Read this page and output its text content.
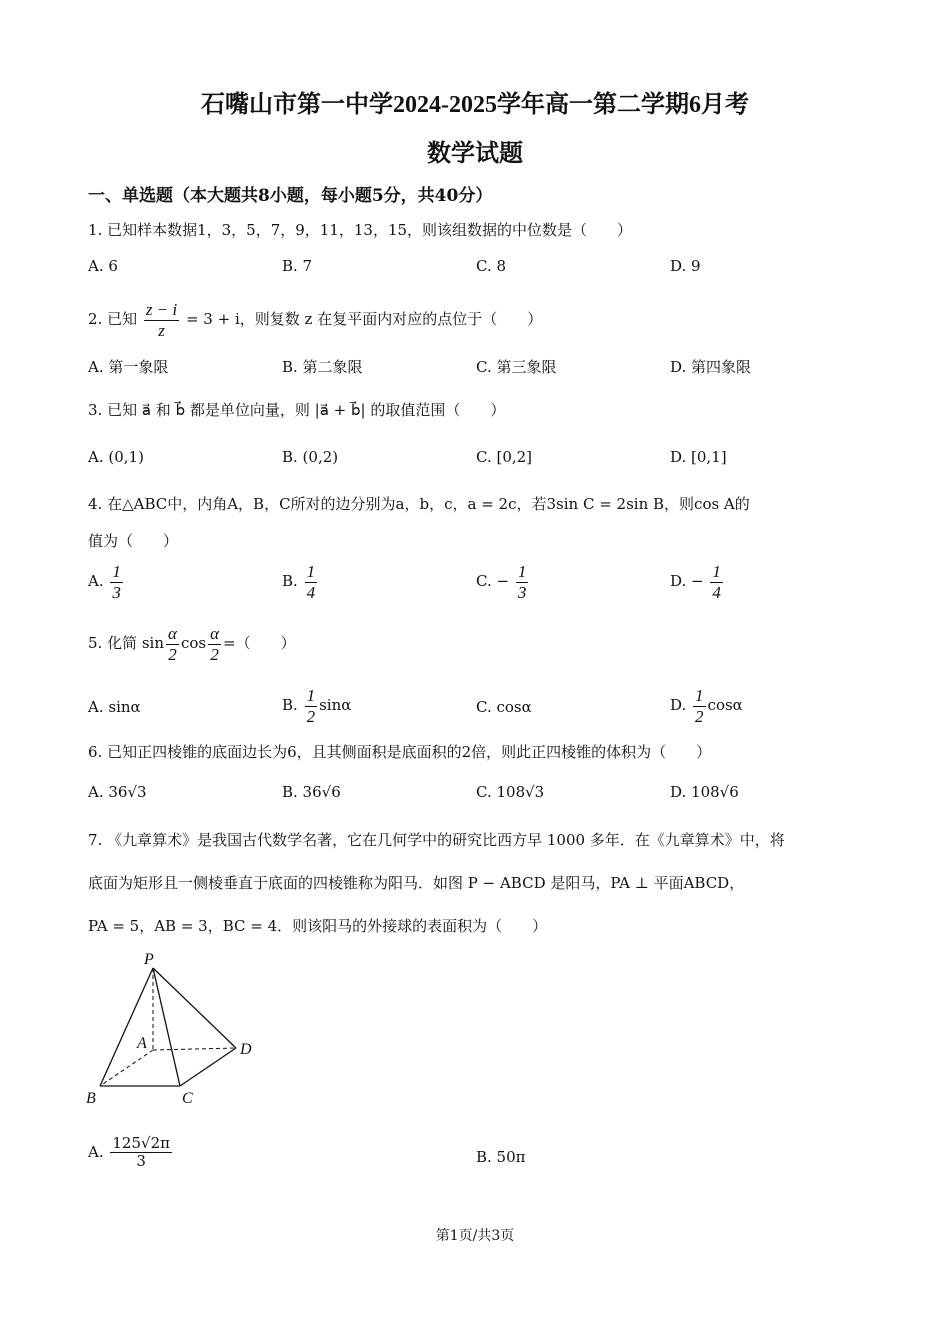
石嘴山市第一中学2024-2025学年高一第二学期6月考
数学试题
一、单选题（本大题共8小题，每小题5分，共40分）
1. 已知样本数据1，3，5，7，9，11，13，15，则该组数据的中位数是（　　）
A. 6	B. 7	C. 8	D. 9
2. 已知 $\frac{z - i}{z} = 3 + i$，则复数 z 在复平面内对应的点位于（　　）
A. 第一象限	B. 第二象限	C. 第三象限	D. 第四象限
3. 已知 a⃗ 和 b⃗ 都是单位向量，则 |a⃗ + b⃗| 的取值范围（　　）
A. (0,1)	B. (0,2)	C. [0,2]	D. [0,1]
4. 在△ABC中，内角A，B，C所对的边分别为a，b，c，a = 2c，若3sin C = 2sin B，则cos A的
值为（　　）
A. $\frac{1}{3}$	B. $\frac{1}{4}$	C. − $\frac{1}{3}$	D. − $\frac{1}{4}$
5. 化简 $\sin \frac{\alpha}{2}$ $\cos \frac{\alpha}{2}$ =（　　）
A. sinα	B. $\frac{1}{2}$ sinα	C. cosα	D. $\frac{1}{2}$ cosα
6. 已知正四棱锥的底面边长为6，且其侧面积是底面积的2倍，则此正四棱锥的体积为（　　）
A. 36√3	B. 36√6	C. 108√3	D. 108√6
7. 《九章算术》是我国古代数学名著，它在几何学中的研究比西方早 1000 多年．在《九章算术》中，将
底面为矩形且一侧棱垂直于底面的四棱锥称为阳马．如图 P − ABCD 是阳马，PA ⊥ 平面ABCD，
PA = 5，AB = 3，BC = 4．则该阳马的外接球的表面积为（　　）
P
A
B	C
D
A. $\frac{125√2\pi}{3}$	B. 50π
第1页/共3页
